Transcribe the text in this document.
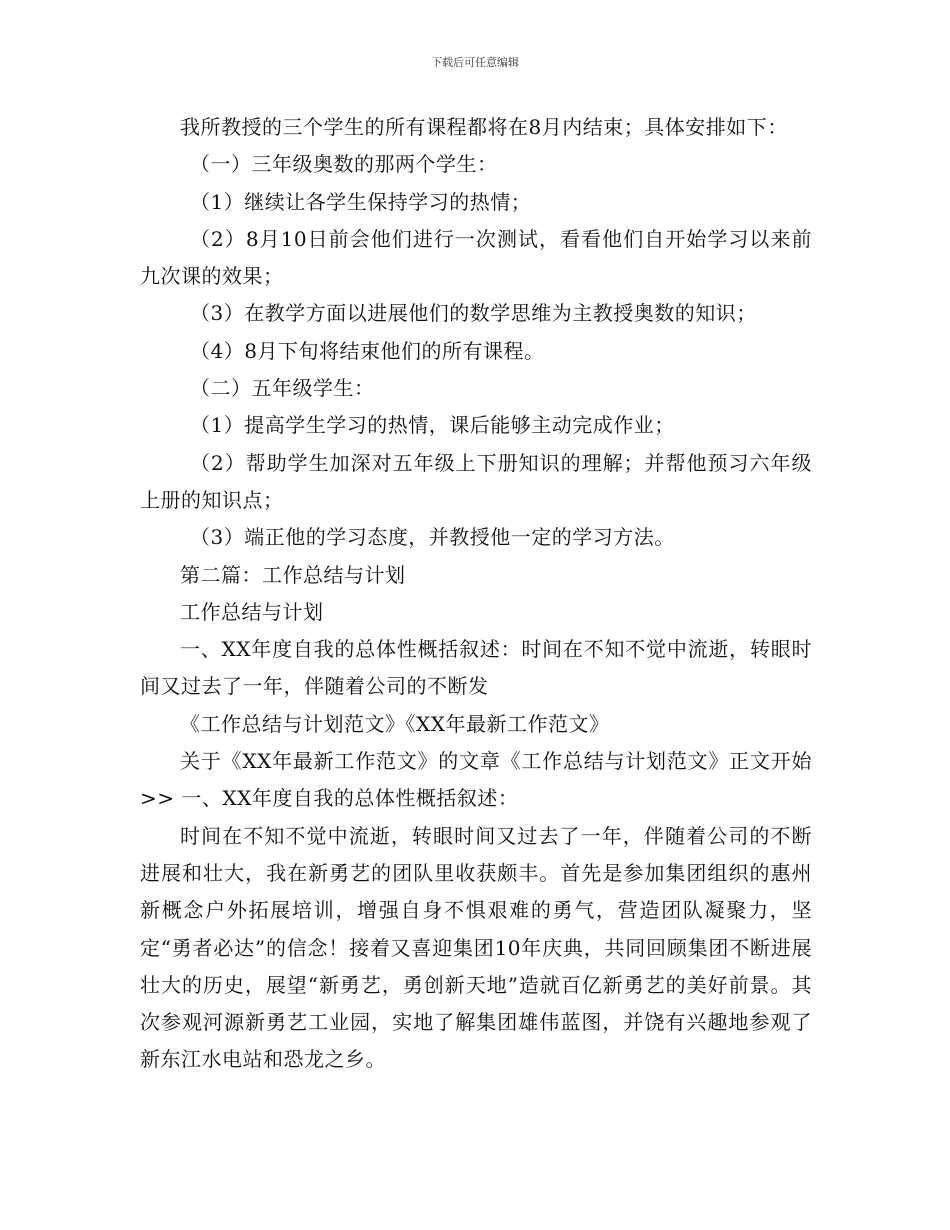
下载后可任意编辑

我所教授的三个学生的所有课程都将在8月内结束；具体安排如下：

（一）三年级奥数的那两个学生：

（1）继续让各学生保持学习的热情；

（2）8月10日前会他们进行一次测试，看看他们自开始学习以来前九次课的效果；

（3）在教学方面以进展他们的数学思维为主教授奥数的知识；

（4）8月下旬将结束他们的所有课程。

（二）五年级学生：

（1）提高学生学习的热情，课后能够主动完成作业；

（2）帮助学生加深对五年级上下册知识的理解；并帮他预习六年级上册的知识点；

（3）端正他的学习态度，并教授他一定的学习方法。

第二篇：工作总结与计划

工作总结与计划

一、XX年度自我的总体性概括叙述：时间在不知不觉中流逝，转眼时间又过去了一年，伴随着公司的不断发

《工作总结与计划范文》《XX年最新工作范文》

关于《XX年最新工作范文》的文章《工作总结与计划范文》正文开始>> 一、XX年度自我的总体性概括叙述：

时间在不知不觉中流逝，转眼时间又过去了一年，伴随着公司的不断进展和壮大，我在新勇艺的团队里收获颇丰。首先是参加集团组织的惠州新概念户外拓展培训，增强自身不惧艰难的勇气，营造团队凝聚力，坚定“勇者必达”的信念！接着又喜迎集团10年庆典，共同回顾集团不断进展壮大的历史，展望“新勇艺，勇创新天地”造就百亿新勇艺的美好前景。其次参观河源新勇艺工业园，实地了解集团雄伟蓝图，并饶有兴趣地参观了新东江水电站和恐龙之乡。
